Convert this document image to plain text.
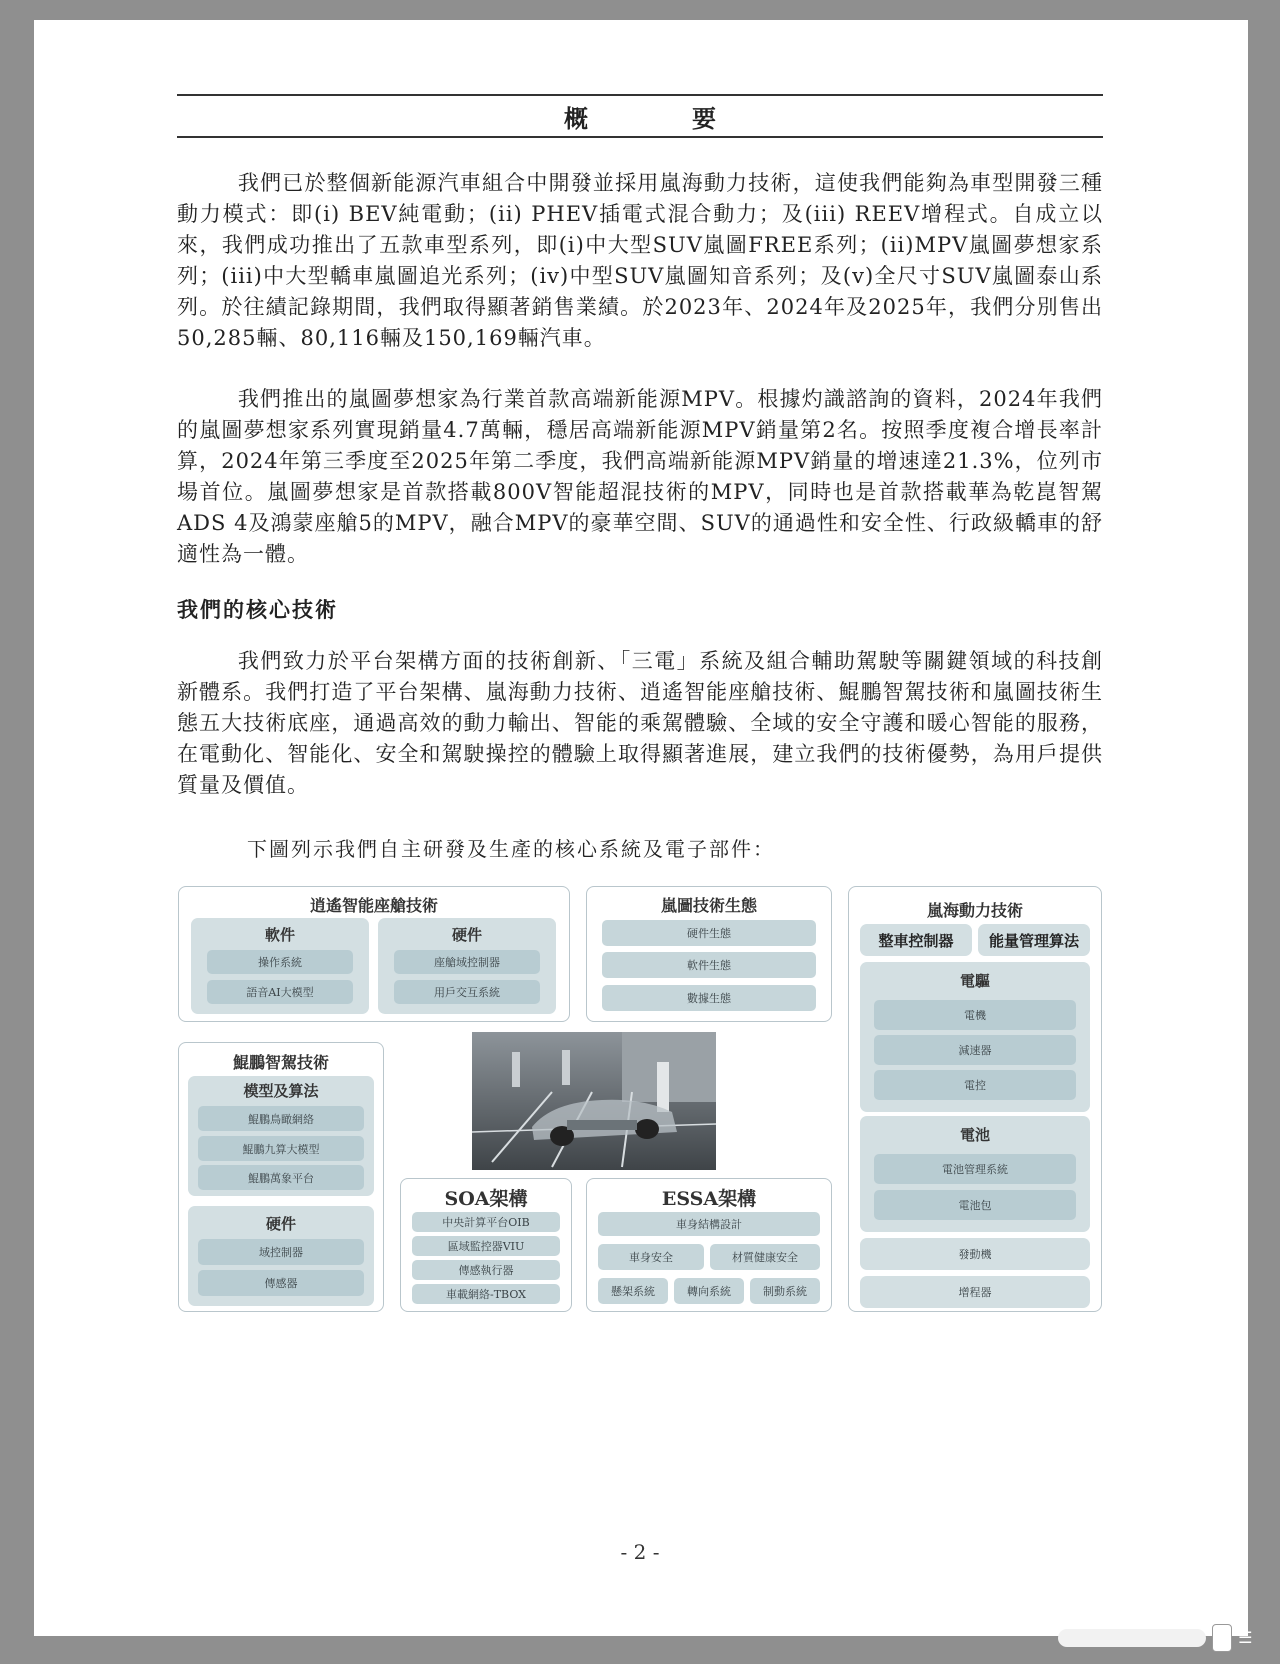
概　要
我們已於整個新能源汽車組合中開發並採用嵐海動力技術，這使我們能夠為車型開發三種動力模式：即(i) BEV純電動；(ii) PHEV插電式混合動力；及(iii) REEV增程式。自成立以來，我們成功推出了五款車型系列，即(i)中大型SUV嵐圖FREE系列；(ii)MPV嵐圖夢想家系列；(iii)中大型轎車嵐圖追光系列；(iv)中型SUV嵐圖知音系列；及(v)全尺寸SUV嵐圖泰山系列。於往績記錄期間，我們取得顯著銷售業績。於2023年、2024年及2025年，我們分別售出50,285輛、80,116輛及150,169輛汽車。
我們推出的嵐圖夢想家為行業首款高端新能源MPV。根據灼識諮詢的資料，2024年我們的嵐圖夢想家系列實現銷量4.7萬輛，穩居高端新能源MPV銷量第2名。按照季度複合增長率計算，2024年第三季度至2025年第二季度，我們高端新能源MPV銷量的增速達21.3%，位列市場首位。嵐圖夢想家是首款搭載800V智能超混技術的MPV，同時也是首款搭載華為乾崑智駕ADS 4及鴻蒙座艙5的MPV，融合MPV的豪華空間、SUV的通過性和安全性、行政級轎車的舒適性為一體。
我們的核心技術
我們致力於平台架構方面的技術創新、「三電」系統及組合輔助駕駛等關鍵領域的科技創新體系。我們打造了平台架構、嵐海動力技術、逍遙智能座艙技術、鯤鵬智駕技術和嵐圖技術生態五大技術底座，通過高效的動力輸出、智能的乘駕體驗、全域的安全守護和暖心智能的服務，在電動化、智能化、安全和駕駛操控的體驗上取得顯著進展，建立我們的技術優勢，為用戶提供質量及價值。
下圖列示我們自主研發及生產的核心系統及電子部件：
逍遙智能座艙技術
軟件
操作系統
語音AI大模型
硬件
座艙域控制器
用戶交互系統
嵐圖技術生態
硬件生態
軟件生態
數據生態
嵐海動力技術
整車控制器	能量管理算法
電驅
電機
減速器
電控
電池
電池管理系統
電池包
發動機
增程器
鯤鵬智駕技術
模型及算法
鯤鵬鳥瞰網絡
鯤鵬九算大模型
鯤鵬萬象平台
硬件
域控制器
傳感器
SOA架構
中央計算平台OIB
區域監控器VIU
傳感執行器
車載網絡-TBOX
ESSA架構
車身結構設計
車身安全	材質健康安全
懸架系統	轉向系統	制動系統
- 2 -
☰
